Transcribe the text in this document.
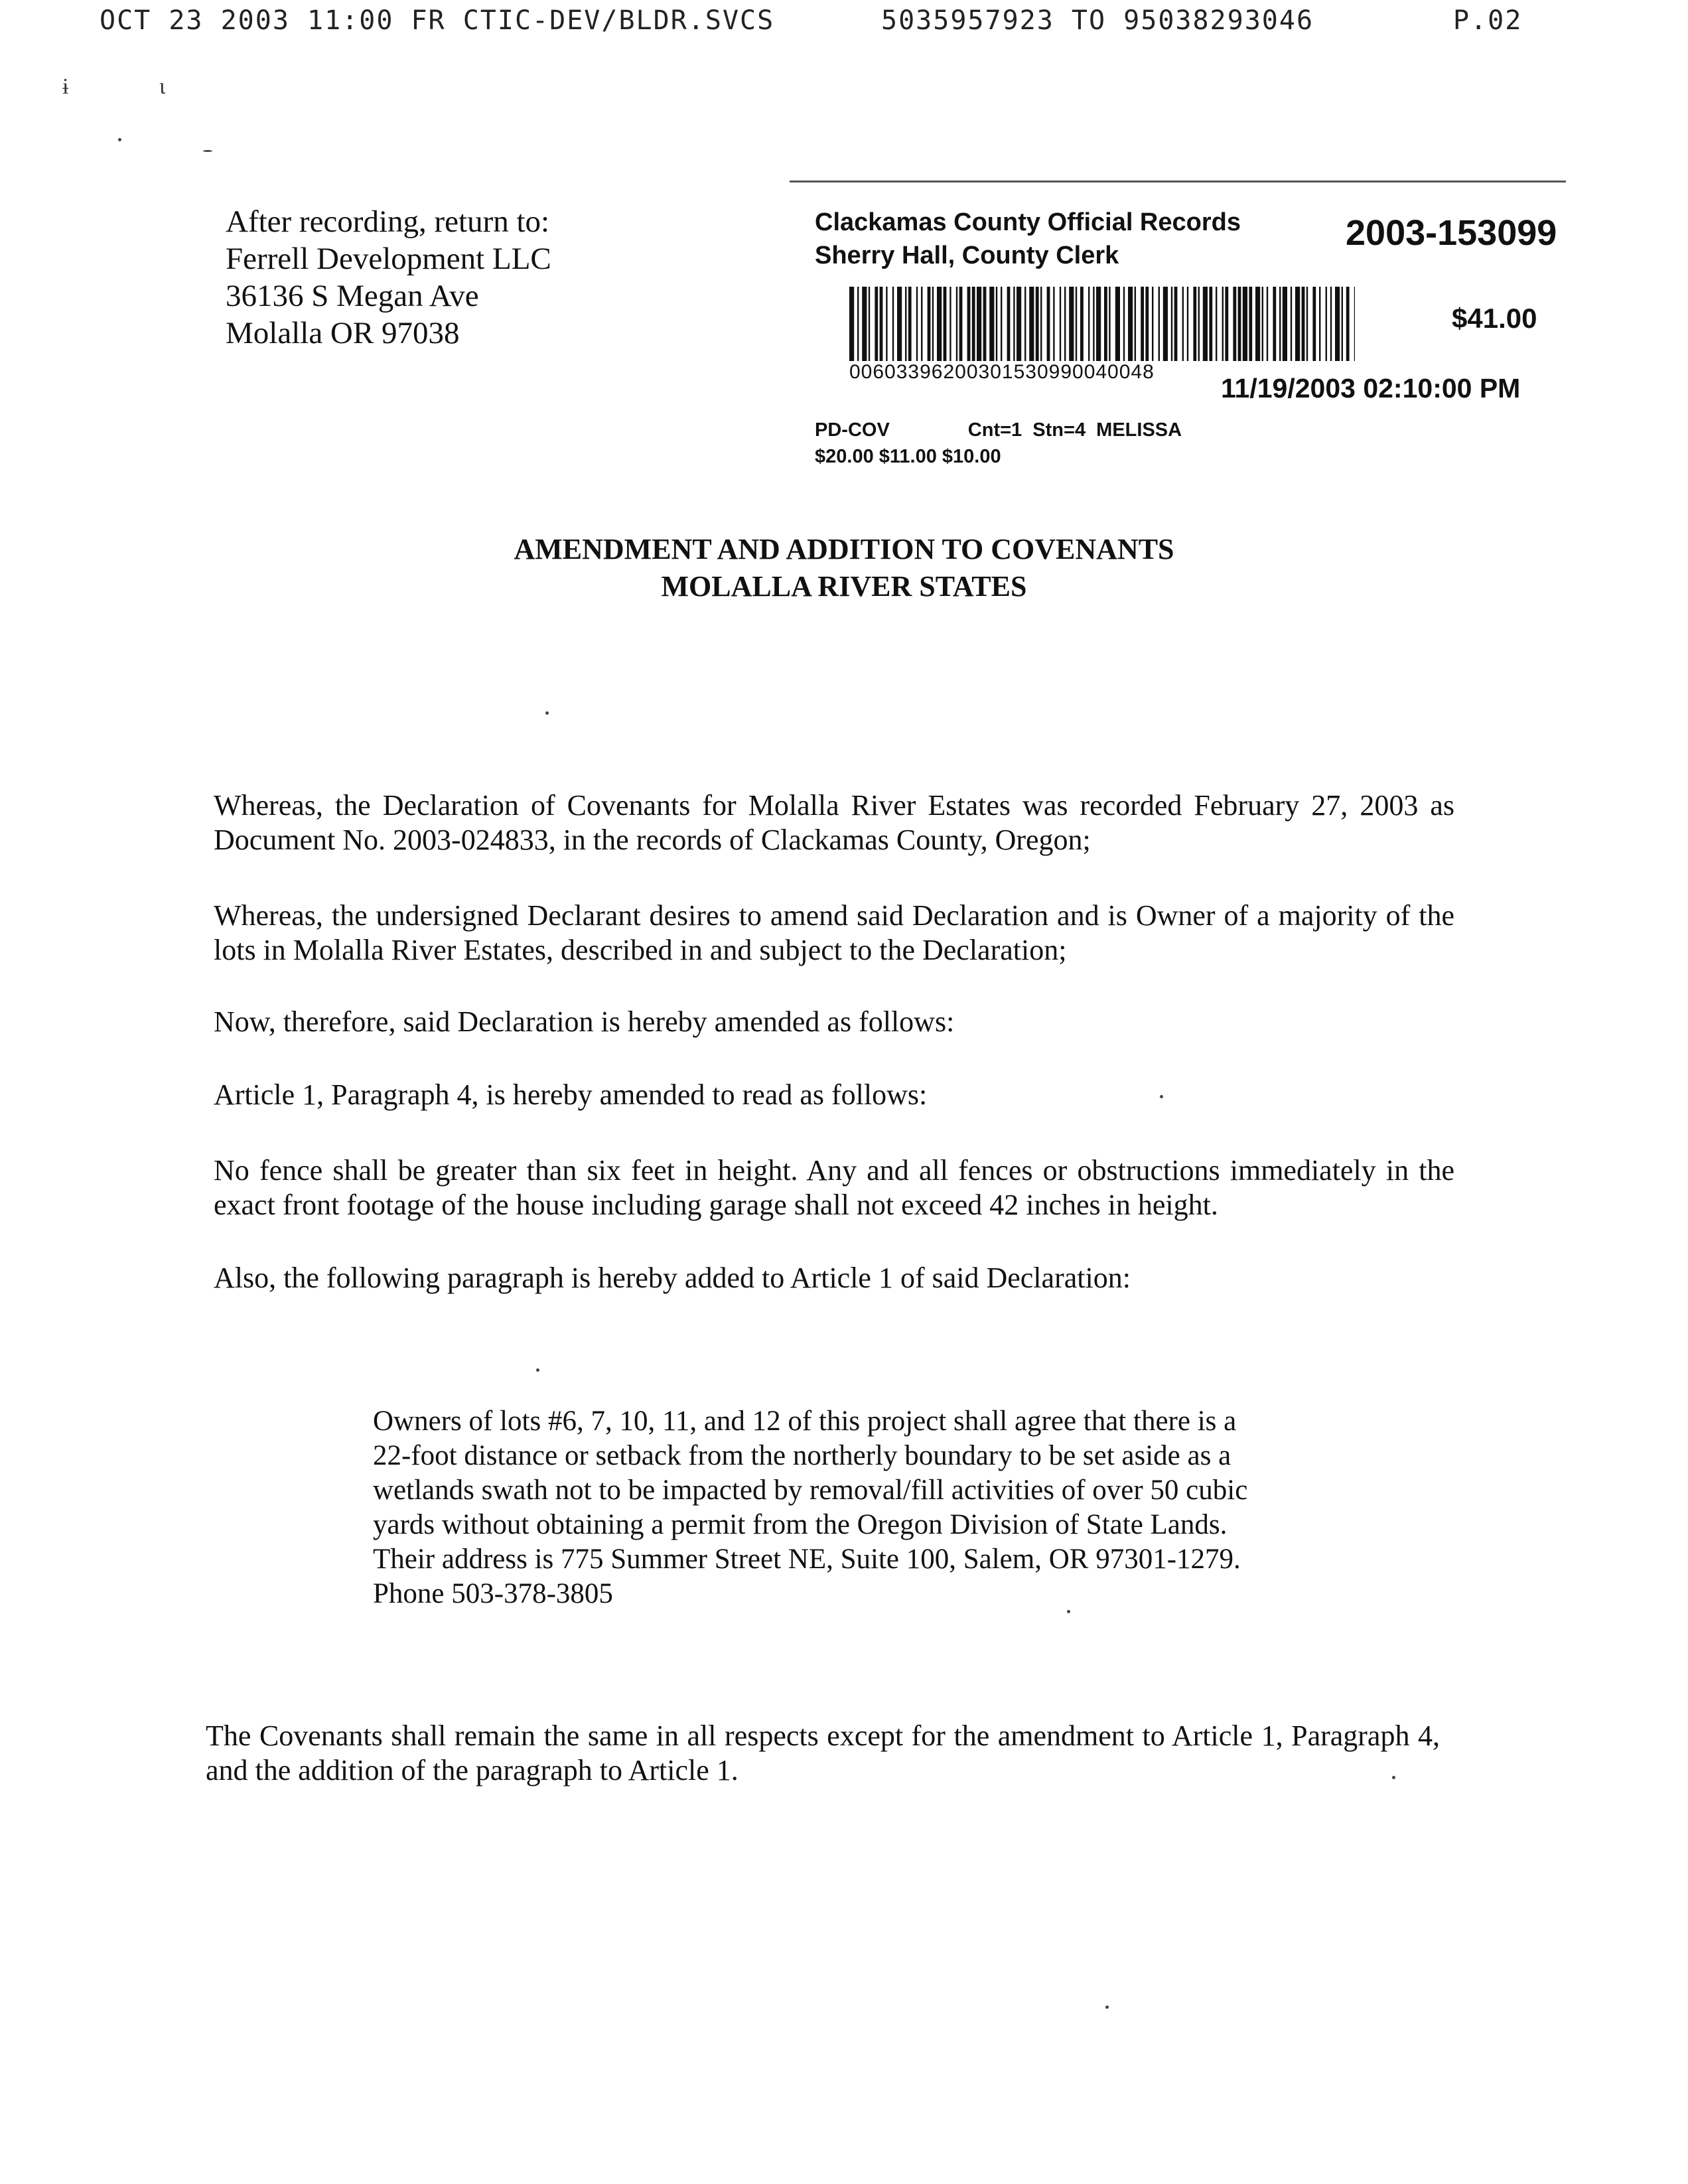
OCT 23 2003 11:00 FR CTIC-DEV/BLDR.SVCS

	5035957923 TO 95038293046

	P.02

ɨ	ɩ
After recording, return to:
Ferrell Development LLC
36136 S Megan Ave
Molalla OR 97038
Clackamas County Official Records
Sherry Hall, County Clerk
2003-153099
$41.00
00603396200301530990040048
11/19/2003 02:10:00 PM
PD-COV	Cnt=1  Stn=4  MELISSA
$20.00 $11.00 $10.00
AMENDMENT AND ADDITION TO COVENANTS
MOLALLA RIVER STATES
Whereas, the Declaration of Covenants for Molalla River Estates was recorded February 27, 2003 as Document No. 2003-024833, in the records of Clackamas County, Oregon;
Whereas, the undersigned Declarant desires to amend said Declaration and is Owner of a majority of the lots in Molalla River Estates, described in and subject to the Declaration;
Now, therefore, said Declaration is hereby amended as follows:
Article 1, Paragraph 4, is hereby amended to read as follows:
No fence shall be greater than six feet in height. Any and all fences or obstructions immediately in the exact front footage of the house including garage shall not exceed 42 inches in height.
Also, the following paragraph is hereby added to Article 1 of said Declaration:
Owners of lots #6, 7, 10, 11, and 12 of this project shall agree that there is a
22-foot distance or setback from the northerly boundary to be set aside as a
wetlands swath not to be impacted by removal/fill activities of over 50 cubic
yards without obtaining a permit from the Oregon Division of State Lands.
Their address is 775 Summer Street NE, Suite 100, Salem, OR 97301-1279.
Phone 503-378-3805
The Covenants shall remain the same in all respects except for the amendment to Article 1, Paragraph 4, and the addition of the paragraph to Article 1.
